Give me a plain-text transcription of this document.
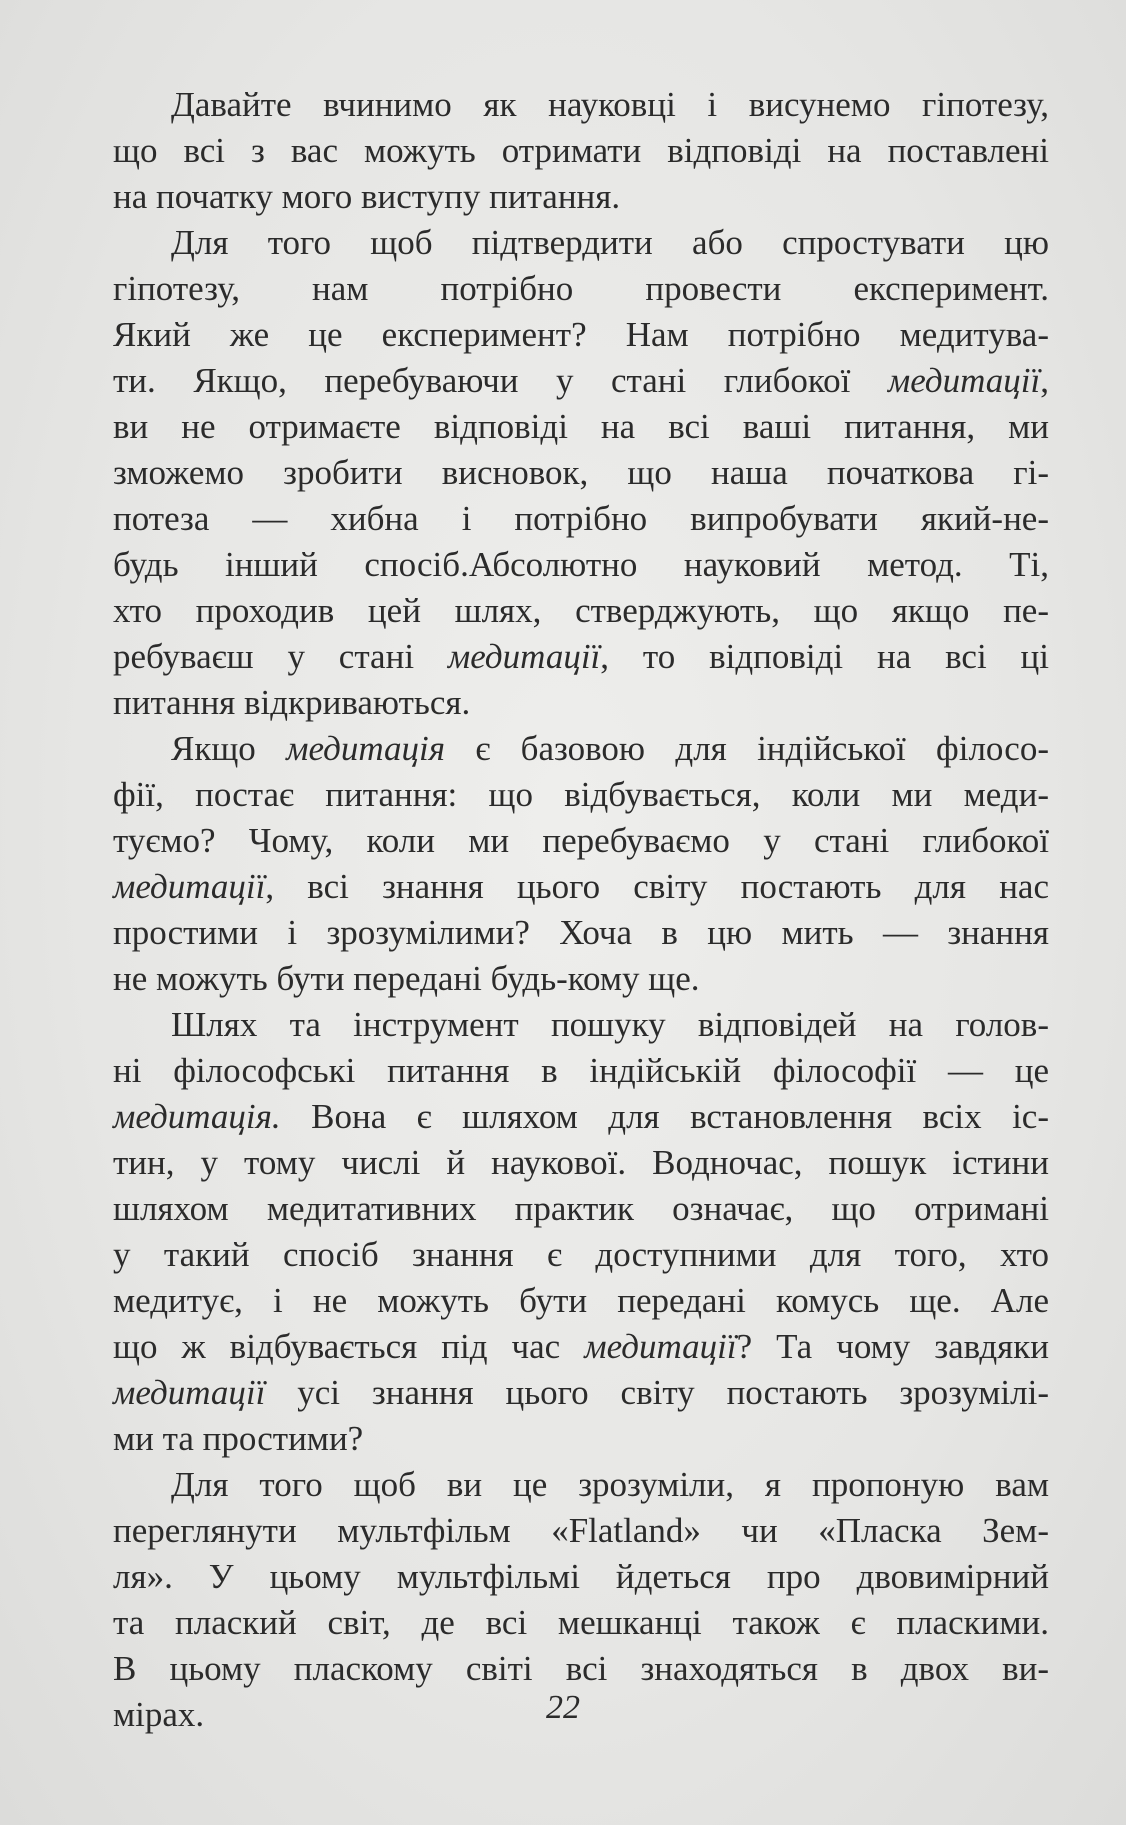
Давайте вчинимо як науковці і висунемо гіпотезу,
що всі з вас можуть отримати відповіді на поставлені
на початку мого виступу питання.
Для того щоб підтвердити або спростувати цю
гіпотезу, нам потрібно провести експеримент.
Який же це експеримент? Нам потрібно медитува-
ти. Якщо, перебуваючи у стані глибокої медитації,
ви не отримаєте відповіді на всі ваші питання, ми
зможемо зробити висновок, що наша початкова гі-
потеза — хибна і потрібно випробувати який-не-
будь інший спосіб.Абсолютно науковий метод. Ті,
хто проходив цей шлях, стверджують, що якщо пе-
ребуваєш у стані медитації, то відповіді на всі ці
питання відкриваються.
Якщо медитація є базовою для індійської філосо-
фії, постає питання: що відбувається, коли ми меди-
туємо? Чому, коли ми перебуваємо у стані глибокої
медитації, всі знання цього світу постають для нас
простими і зрозумілими? Хоча в цю мить — знання
не можуть бути передані будь-кому ще.
Шлях та інструмент пошуку відповідей на голов-
ні філософські питання в індійській філософії — це
медитація. Вона є шляхом для встановлення всіх іс-
тин, у тому числі й наукової. Водночас, пошук істини
шляхом медитативних практик означає, що отримані
у такий спосіб знання є доступними для того, хто
медитує, і не можуть бути передані комусь ще. Але
що ж відбувається під час медитації? Та чому завдяки
медитації усі знання цього світу постають зрозумілі-
ми та простими?
Для того щоб ви це зрозуміли, я пропоную вам
переглянути мультфільм «Flatland» чи «Пласка Зем-
ля». У цьому мультфільмі йдеться про двовимірний
та плаский світ, де всі мешканці також є пласкими.
В цьому пласкому світі всі знаходяться в двох ви-
мірах.	22
